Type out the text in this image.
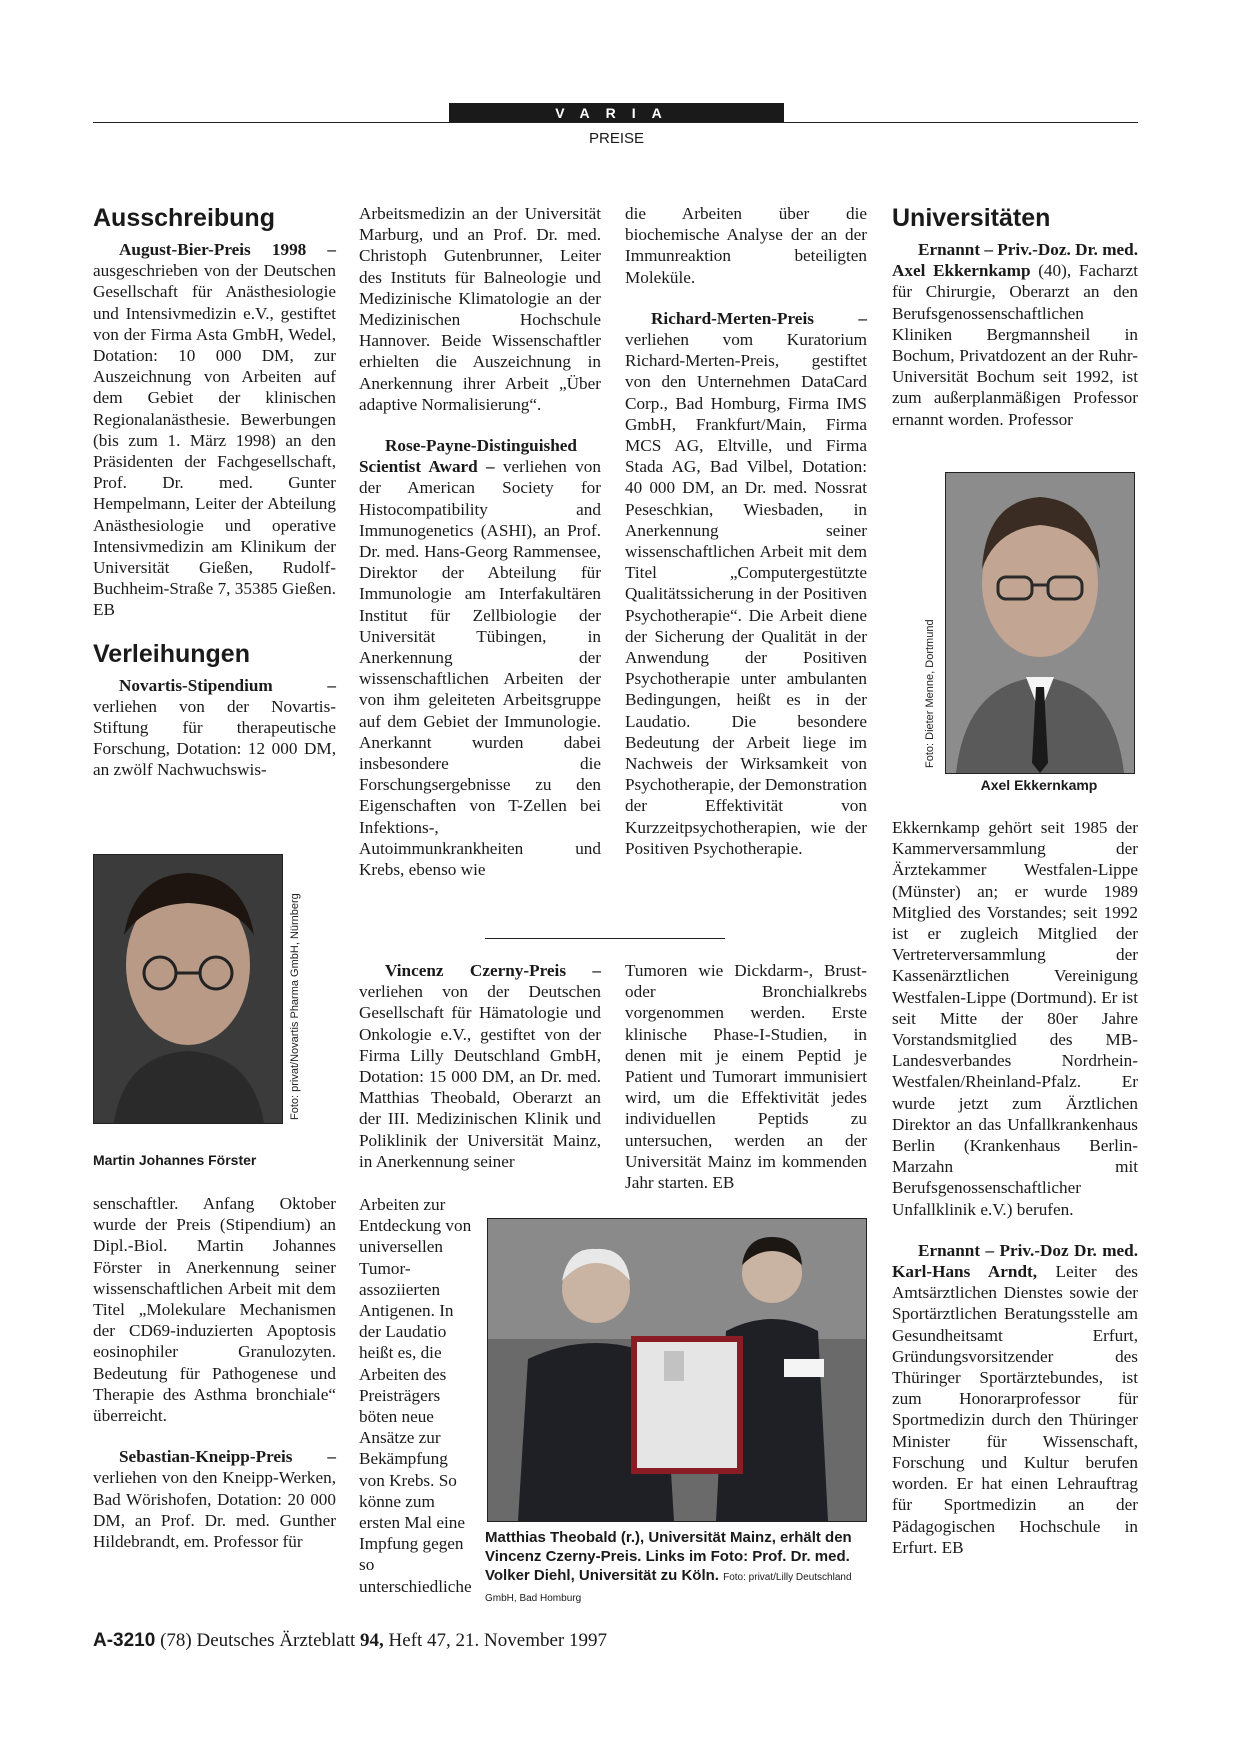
VARIA
PREISE
Ausschreibung

August-Bier-Preis 1998 – ausgeschrieben von der Deutschen Gesellschaft für Anästhesiologie und Intensivmedizin e.V., gestiftet von der Firma Asta GmbH, Wedel, Dotation: 10 000 DM, zur Auszeichnung von Arbeiten auf dem Gebiet der klinischen Regionalanästhesie. Bewerbungen (bis zum 1. März 1998) an den Präsidenten der Fachgesellschaft, Prof. Dr. med. Gunter Hempelmann, Leiter der Abteilung Anästhesiologie und operative Intensivmedizin am Klinikum der Universität Gießen, Rudolf-Buchheim-Straße 7, 35385 Gießen. EB

Verleihungen

Novartis-Stipendium – verliehen von der Novartis-Stiftung für therapeutische Forschung, Dotation: 12 000 DM, an zwölf Nachwuchswis-

Foto: privat/Novartis Pharma GmbH, Nürnberg
Martin Johannes Förster

senschaftler. Anfang Oktober wurde der Preis (Stipendium) an Dipl.-Biol. Martin Johannes Förster in Anerkennung seiner wissenschaftlichen Arbeit mit dem Titel „Molekulare Mechanismen der CD69-induzierten Apoptosis eosinophiler Granulozyten. Bedeutung für Pathogenese und Therapie des Asthma bronchiale“ überreicht.

Sebastian-Kneipp-Preis – verliehen von den Kneipp-Werken, Bad Wörishofen, Dotation: 20 000 DM, an Prof. Dr. med. Gunther Hildebrandt, em. Professor für

Arbeitsmedizin an der Universität Marburg, und an Prof. Dr. med. Christoph Gutenbrunner, Leiter des Instituts für Balneologie und Medizinische Klimatologie an der Medizinischen Hochschule Hannover. Beide Wissenschaftler erhielten die Auszeichnung in Anerkennung ihrer Arbeit „Über adaptive Normalisierung“.

Rose-Payne-Distinguished Scientist Award – verliehen von der American Society for Histocompatibility and Immunogenetics (ASHI), an Prof. Dr. med. Hans-Georg Rammensee, Direktor der Abteilung für Immunologie am Interfakultären Institut für Zellbiologie der Universität Tübingen, in Anerkennung der wissenschaftlichen Arbeiten der von ihm geleiteten Arbeitsgruppe auf dem Gebiet der Immunologie. Anerkannt wurden dabei insbesondere die Forschungsergebnisse zu den Eigenschaften von T-Zellen bei Infektions-, Autoimmunkrankheiten und Krebs, ebenso wie

die Arbeiten über die biochemische Analyse der an der Immunreaktion beteiligten Moleküle.

Richard-Merten-Preis – verliehen vom Kuratorium Richard-Merten-Preis, gestiftet von den Unternehmen DataCard Corp., Bad Homburg, Firma IMS GmbH, Frankfurt/Main, Firma MCS AG, Eltville, und Firma Stada AG, Bad Vilbel, Dotation: 40 000 DM, an Dr. med. Nossrat Peseschkian, Wiesbaden, in Anerkennung seiner wissenschaftlichen Arbeit mit dem Titel „Computergestützte Qualitätssicherung in der Positiven Psychotherapie“. Die Arbeit diene der Sicherung der Qualität in der Anwendung der Positiven Psychotherapie unter ambulanten Bedingungen, heißt es in der Laudatio. Die besondere Bedeutung der Arbeit liege im Nachweis der Wirksamkeit von Psychotherapie, der Demonstration der Effektivität von Kurzzeitpsychotherapien, wie der Positiven Psychotherapie.

Vincenz Czerny-Preis – verliehen von der Deutschen Gesellschaft für Hämatologie und Onkologie e.V., gestiftet von der Firma Lilly Deutschland GmbH, Dotation: 15 000 DM, an Dr. med. Matthias Theobald, Oberarzt an der III. Medizinischen Klinik und Poliklinik der Universität Mainz, in Anerkennung seiner

Tumoren wie Dickdarm-, Brust- oder Bronchialkrebs vorgenommen werden. Erste klinische Phase-I-Studien, in denen mit je einem Peptid je Patient und Tumorart immunisiert wird, um die Effektivität jedes individuellen Peptids zu untersuchen, werden an der Universität Mainz im kommenden Jahr starten. EB

Arbeiten zur Entdeckung von universellen Tumor-assoziierten Antigenen. In der Laudatio heißt es, die Arbeiten des Preisträgers böten neue Ansätze zur Bekämpfung von Krebs. So könne zum ersten Mal eine Impfung gegen so unterschiedliche

Matthias Theobald (r.), Universität Mainz, erhält den Vincenz Czerny-Preis. Links im Foto: Prof. Dr. med. Volker Diehl, Universität zu Köln. Foto: privat/Lilly Deutschland GmbH, Bad Homburg
Universitäten

Ernannt – Priv.-Doz. Dr. med. Axel Ekkernkamp (40), Facharzt für Chirurgie, Oberarzt an den Berufsgenossenschaftlichen Kliniken Bergmannsheil in Bochum, Privatdozent an der Ruhr-Universität Bochum seit 1992, ist zum außerplanmäßigen Professor ernannt worden. Professor

Foto: Dieter Menne, Dortmund
Axel Ekkernkamp

Ekkernkamp gehört seit 1985 der Kammerversammlung der Ärztekammer Westfalen-Lippe (Münster) an; er wurde 1989 Mitglied des Vorstandes; seit 1992 ist er zugleich Mitglied der Vertreterversammlung der Kassenärztlichen Vereinigung Westfalen-Lippe (Dortmund). Er ist seit Mitte der 80er Jahre Vorstandsmitglied des MB-Landesverbandes Nordrhein-Westfalen/Rheinland-Pfalz. Er wurde jetzt zum Ärztlichen Direktor an das Unfallkrankenhaus Berlin (Krankenhaus Berlin-Marzahn mit Berufsgenossenschaftlicher Unfallklinik e.V.) berufen.

Ernannt – Priv.-Doz Dr. med. Karl-Hans Arndt, Leiter des Amtsärztlichen Dienstes sowie der Sportärztlichen Beratungsstelle am Gesundheitsamt Erfurt, Gründungsvorsitzender des Thüringer Sportärztebundes, ist zum Honorarprofessor für Sportmedizin durch den Thüringer Minister für Wissenschaft, Forschung und Kultur berufen worden. Er hat einen Lehrauftrag für Sportmedizin an der Pädagogischen Hochschule in Erfurt. EB

A-3210 (78) Deutsches Ärzteblatt 94, Heft 47, 21. November 1997
